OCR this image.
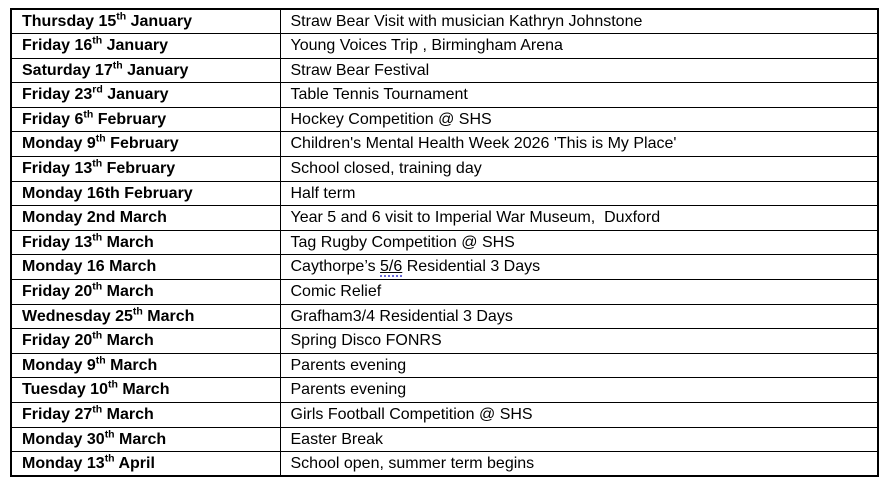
Thursday 15th January	Straw Bear Visit with musician Kathryn Johnstone
Friday 16th January	Young Voices Trip , Birmingham Arena
Saturday 17th January	Straw Bear Festival
Friday 23rd January	Table Tennis Tournament
Friday 6th February	Hockey Competition @ SHS
Monday 9th February	Children's Mental Health Week 2026 'This is My Place'
Friday 13th February	School closed, training day
Monday 16th February	Half term
Monday 2nd March	Year 5 and 6 visit to Imperial War Museum,  Duxford
Friday 13th March	Tag Rugby Competition @ SHS
Monday 16 March	Caythorpe’s 5/6 Residential 3 Days
Friday 20th March	Comic Relief
Wednesday 25th March	Grafham3/4 Residential 3 Days
Friday 20th March	Spring Disco FONRS
Monday 9th March	Parents evening
Tuesday 10th March	Parents evening
Friday 27th March	Girls Football Competition @ SHS
Monday 30th March	Easter Break
Monday 13th April	School open, summer term begins
